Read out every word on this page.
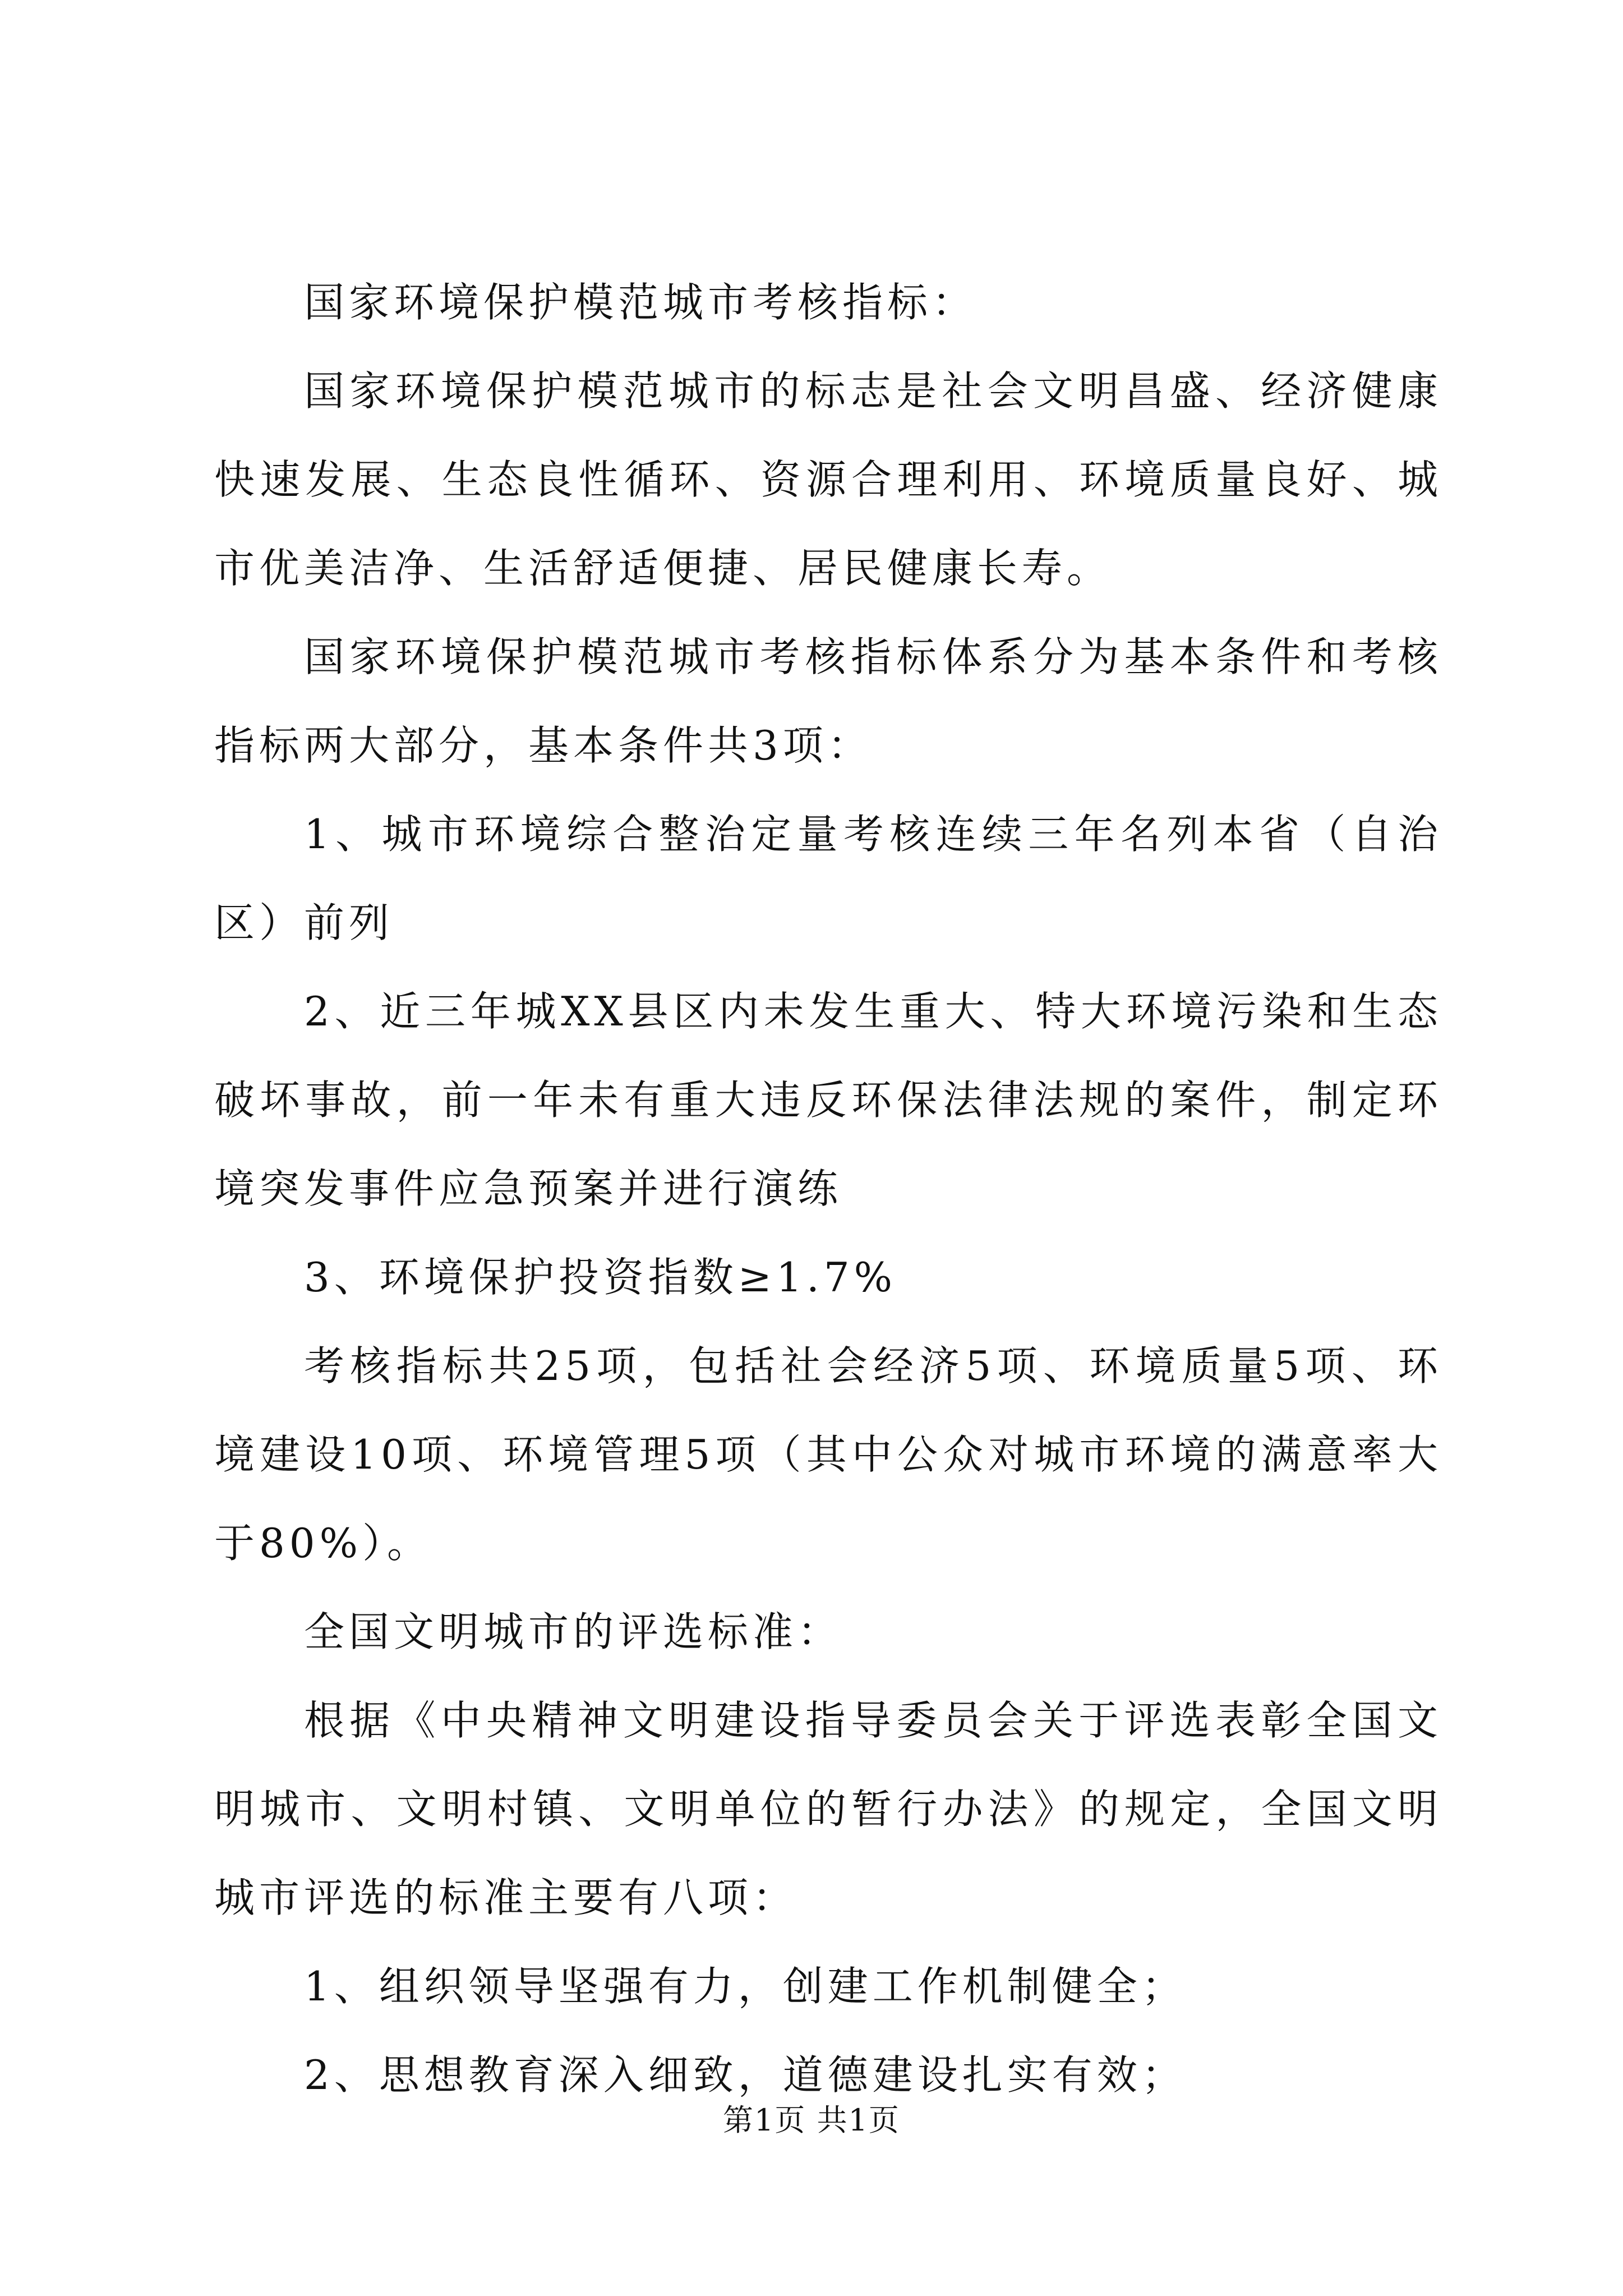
国家环境保护模范城市考核指标：

国家环境保护模范城市的标志是社会文明昌盛、经济健康快速发展、生态良性循环、资源合理利用、环境质量良好、城市优美洁净、生活舒适便捷、居民健康长寿。

国家环境保护模范城市考核指标体系分为基本条件和考核指标两大部分，基本条件共3项：

1、城市环境综合整治定量考核连续三年名列本省（自治区）前列

2、近三年城XX县区内未发生重大、特大环境污染和生态破坏事故，前一年未有重大违反环保法律法规的案件，制定环境突发事件应急预案并进行演练

3、环境保护投资指数≥1.7%

考核指标共25项，包括社会经济5项、环境质量5项、环境建设10项、环境管理5项（其中公众对城市环境的满意率大于80%）。

全国文明城市的评选标准：

根据《中央精神文明建设指导委员会关于评选表彰全国文明城市、文明村镇、文明单位的暂行办法》的规定，全国文明城市评选的标准主要有八项：

1、组织领导坚强有力，创建工作机制健全；

2、思想教育深入细致，道德建设扎实有效；

第1页 共1页
